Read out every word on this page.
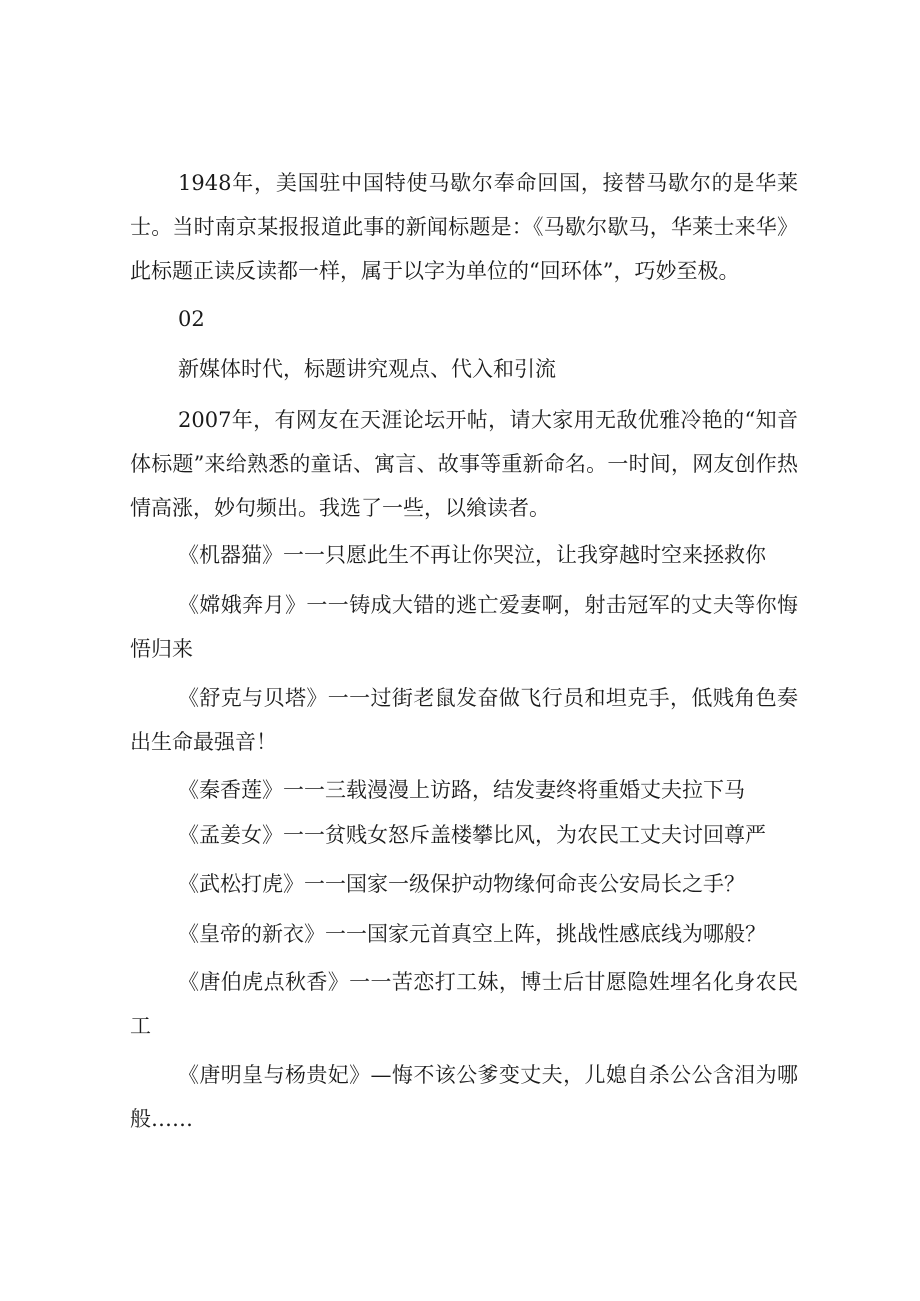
1948年，美国驻中国特使马歇尔奉命回国，接替马歇尔的是华莱士。当时南京某报报道此事的新闻标题是：《马歇尔歇马，华莱士来华》此标题正读反读都一样，属于以字为单位的“回环体”，巧妙至极。

02

新媒体时代，标题讲究观点、代入和引流

2007年，有网友在天涯论坛开帖，请大家用无敌优雅冷艳的“知音体标题”来给熟悉的童话、寓言、故事等重新命名。一时间，网友创作热情高涨，妙句频出。我选了一些，以飨读者。

《机器猫》一一只愿此生不再让你哭泣，让我穿越时空来拯救你

《嫦娥奔月》一一铸成大错的逃亡爱妻啊，射击冠军的丈夫等你悔悟归来

《舒克与贝塔》一一过街老鼠发奋做飞行员和坦克手，低贱角色奏出生命最强音！

《秦香莲》一一三载漫漫上访路，结发妻终将重婚丈夫拉下马

《孟姜女》一一贫贱女怒斥盖楼攀比风，为农民工丈夫讨回尊严

《武松打虎》一一国家一级保护动物缘何命丧公安局长之手？

《皇帝的新衣》一一国家元首真空上阵，挑战性感底线为哪般？

《唐伯虎点秋香》一一苦恋打工妹，博士后甘愿隐姓埋名化身农民工

《唐明皇与杨贵妃》—悔不该公爹变丈夫，儿媳自杀公公含泪为哪般……
